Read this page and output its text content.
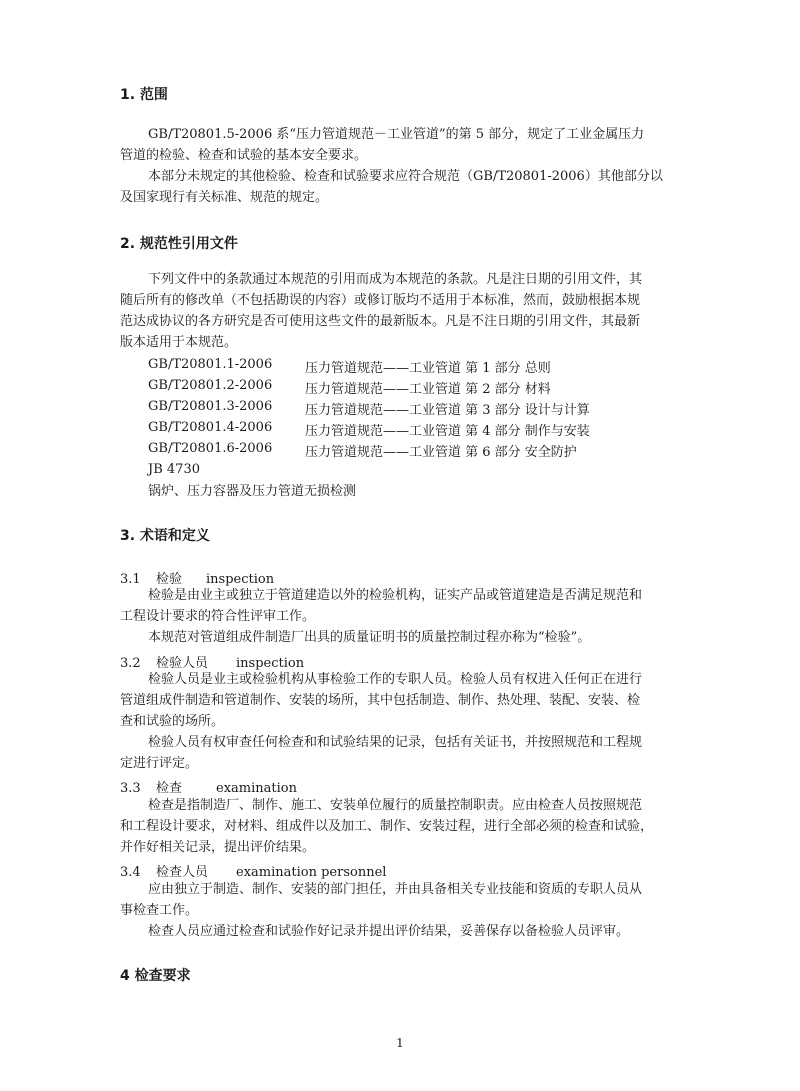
1. 范围
GB/T20801.5-2006 系“压力管道规范－工业管道”的第 5 部分，规定了工业金属压力
管道的检验、检查和试验的基本安全要求。
本部分未规定的其他检验、检查和试验要求应符合规范（GB/T20801-2006）其他部分以
及国家现行有关标准、规范的规定。
2. 规范性引用文件
下列文件中的条款通过本规范的引用而成为本规范的条款。凡是注日期的引用文件，其
随后所有的修改单（不包括勘误的内容）或修订版均不适用于本标准，然而，鼓励根据本规
范达成协议的各方研究是否可使用这些文件的最新版本。凡是不注日期的引用文件，其最新
版本适用于本规范。
GB/T20801.1-2006	压力管道规范——工业管道 第 1 部分 总则
GB/T20801.2-2006	压力管道规范——工业管道 第 2 部分 材料
GB/T20801.3-2006	压力管道规范——工业管道 第 3 部分 设计与计算
GB/T20801.4-2006	压力管道规范——工业管道 第 4 部分 制作与安装
GB/T20801.6-2006	压力管道规范——工业管道 第 6 部分 安全防护
JB 4730
锅炉、压力容器及压力管道无损检测
3. 术语和定义
3.1 检验 inspection
检验是由业主或独立于管道建造以外的检验机构，证实产品或管道建造是否满足规范和
工程设计要求的符合性评审工作。
本规范对管道组成件制造厂出具的质量证明书的质量控制过程亦称为“检验”。
3.2 检验人员 inspection
检验人员是业主或检验机构从事检验工作的专职人员。检验人员有权进入任何正在进行
管道组成件制造和管道制作、安装的场所，其中包括制造、制作、热处理、装配、安装、检
查和试验的场所。
检验人员有权审查任何检查和和试验结果的记录，包括有关证书，并按照规范和工程规
定进行评定。
3.3 检查	examination
检查是指制造厂、制作、施工、安装单位履行的质量控制职责。应由检查人员按照规范
和工程设计要求，对材料、组成件以及加工、制作、安装过程，进行全部必须的检查和试验，
并作好相关记录，提出评价结果。
3.4 检查人员 examination personnel
应由独立于制造、制作、安装的部门担任，并由具备相关专业技能和资质的专职人员从
事检查工作。
检查人员应通过检查和试验作好记录并提出评价结果，妥善保存以备检验人员评审。
4 检查要求
1
